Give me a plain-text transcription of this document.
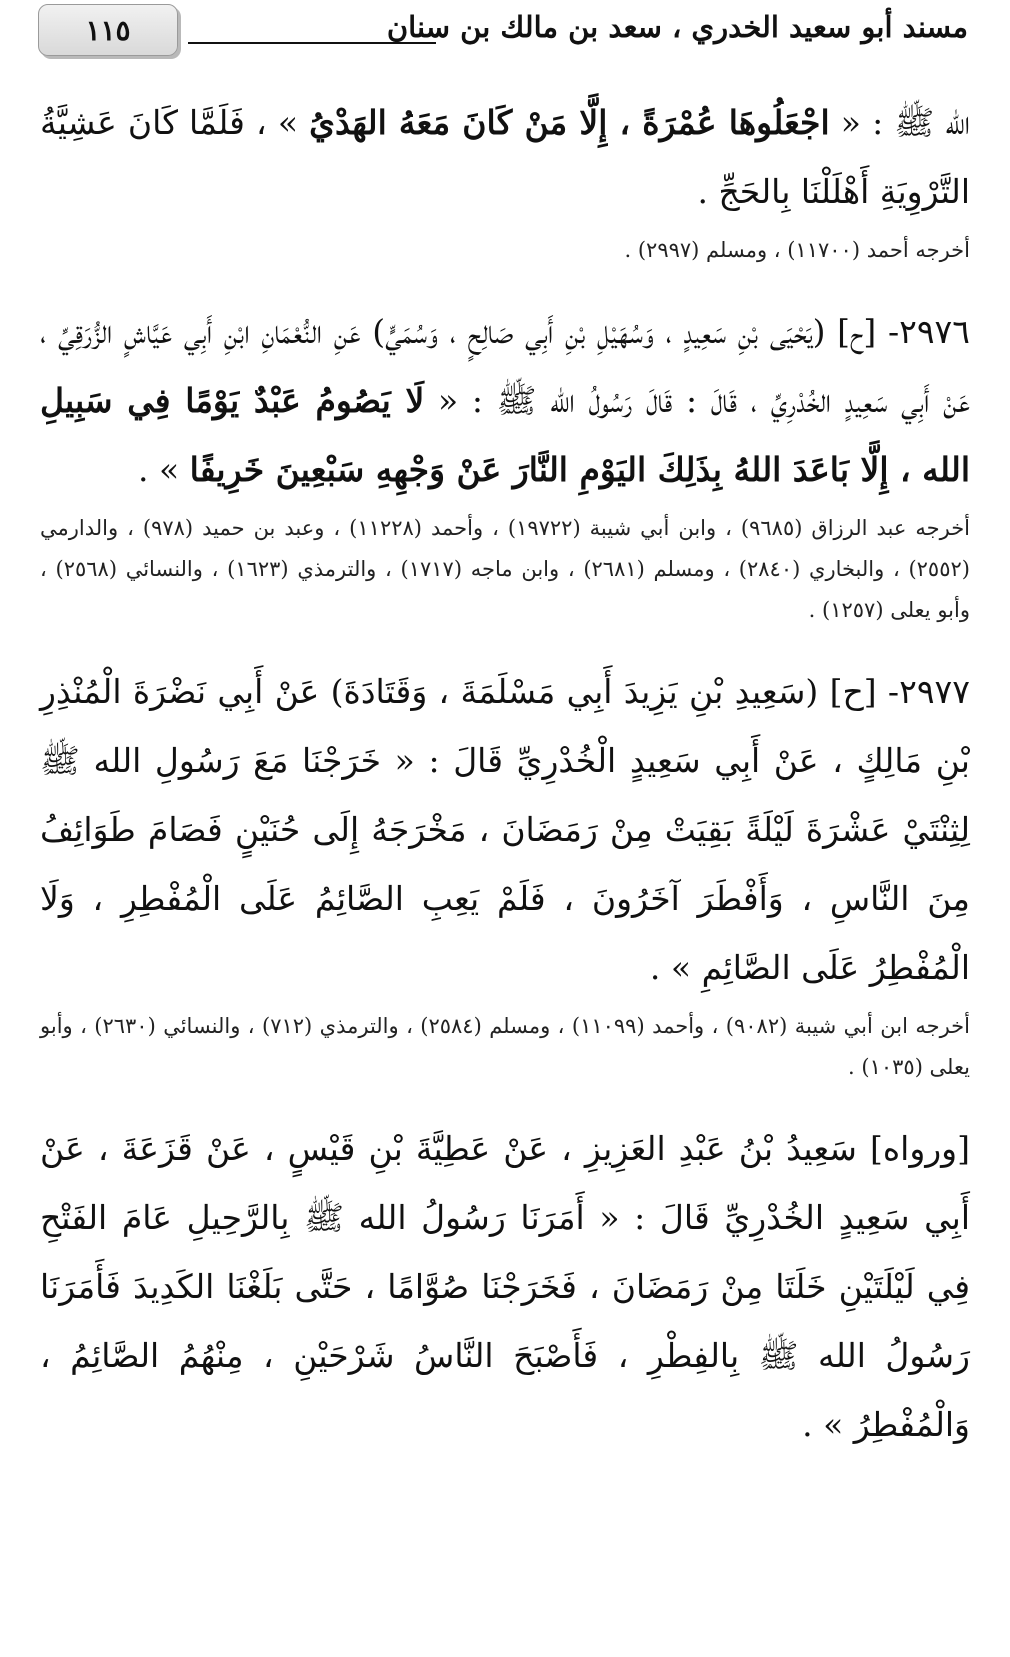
١١٥	مسند أبو سعيد الخدري ، سعد بن مالك بن سنان

الله ﷺ : « اجْعَلُوهَا عُمْرَةً ، إِلَّا مَنْ كَانَ مَعَهُ الهَدْيُ » ، فَلَمَّا كَانَ عَشِيَّةُ التَّرْوِيَةِ أَهْلَلْنَا بِالحَجِّ .

أخرجه أحمد (١١٧٠٠) ، ومسلم (٢٩٩٧) .

٢٩٧٦- [ح] (يَحْيَى بْنِ سَعِيدٍ ، وَسُهَيْلِ بْنِ أَبِي صَالِحٍ ، وَسُمَيٍّ) عَنِ النُّعْمَانِ ابْنِ أَبِي عَيَّاشٍ الزُّرَقِيِّ ، عَنْ أَبِي سَعِيدٍ الخُدْرِيِّ ، قَالَ : قَالَ رَسُولُ الله ﷺ : « لَا يَصُومُ عَبْدٌ يَوْمًا فِي سَبِيلِ الله ، إِلَّا بَاعَدَ اللهُ بِذَلِكَ اليَوْمِ النَّارَ عَنْ وَجْهِهِ سَبْعِينَ خَرِيفًا » .

أخرجه عبد الرزاق (٩٦٨٥) ، وابن أبي شيبة (١٩٧٢٢) ، وأحمد (١١٢٢٨) ، وعبد بن حميد (٩٧٨) ، والدارمي (٢٥٥٢) ، والبخاري (٢٨٤٠) ، ومسلم (٢٦٨١) ، وابن ماجه (١٧١٧) ، والترمذي (١٦٢٣) ، والنسائي (٢٥٦٨) ، وأبو يعلى (١٢٥٧) .

٢٩٧٧- [ح] (سَعِيدِ بْنِ يَزِيدَ أَبِي مَسْلَمَةَ ، وَقَتَادَةَ) عَنْ أَبِي نَضْرَةَ الْمُنْذِرِ بْنِ مَالِكٍ ، عَنْ أَبِي سَعِيدٍ الْخُدْرِيِّ قَالَ : « خَرَجْنَا مَعَ رَسُولِ الله ﷺ لِثِنْتَيْ عَشْرَةَ لَيْلَةً بَقِيَتْ مِنْ رَمَضَانَ ، مَخْرَجَهُ إِلَى حُنَيْنٍ فَصَامَ طَوَائِفُ مِنَ النَّاسِ ، وَأَفْطَرَ آخَرُونَ ، فَلَمْ يَعِبِ الصَّائِمُ عَلَى الْمُفْطِرِ ، وَلَا الْمُفْطِرُ عَلَى الصَّائِمِ » .

أخرجه ابن أبي شيبة (٩٠٨٢) ، وأحمد (١١٠٩٩) ، ومسلم (٢٥٨٤) ، والترمذي (٧١٢) ، والنسائي (٢٦٣٠) ، وأبو يعلى (١٠٣٥) .

[ورواه] سَعِيدُ بْنُ عَبْدِ العَزِيزِ ، عَنْ عَطِيَّةَ بْنِ قَيْسٍ ، عَنْ قَزَعَةَ ، عَنْ أَبِي سَعِيدٍ الخُدْرِيِّ قَالَ : « أَمَرَنَا رَسُولُ الله ﷺ بِالرَّحِيلِ عَامَ الفَتْحِ فِي لَيْلَتَيْنِ خَلَتَا مِنْ رَمَضَانَ ، فَخَرَجْنَا صُوَّامًا ، حَتَّى بَلَغْنَا الكَدِيدَ فَأَمَرَنَا رَسُولُ الله ﷺ بِالفِطْرِ ، فَأَصْبَحَ النَّاسُ شَرْحَيْنِ ، مِنْهُمُ الصَّائِمُ ، وَالْمُفْطِرُ » .
